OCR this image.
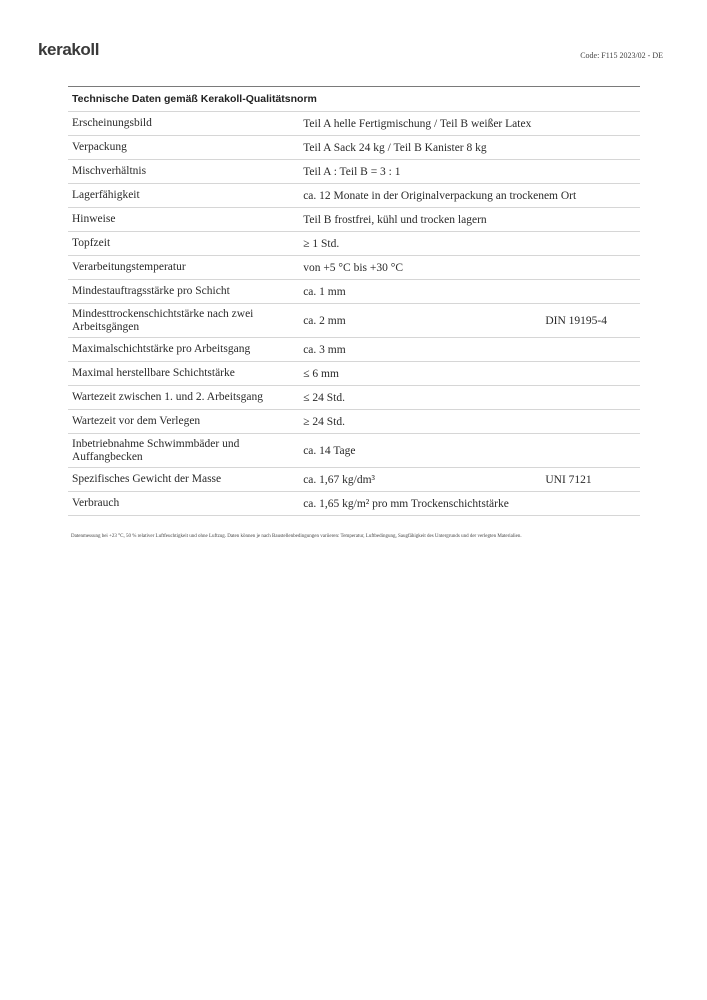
kerakoll	Code: F115 2023/02 - DE
Technische Daten gemäß Kerakoll-Qualitätsnorm
Erscheinungsbild	Teil A helle Fertigmischung / Teil B weißer Latex
Verpackung	Teil A Sack 24 kg / Teil B Kanister 8 kg
Mischverhältnis	Teil A : Teil B = 3 : 1
Lagerfähigkeit	ca. 12 Monate in der Originalverpackung an trockenem Ort
Hinweise	Teil B frostfrei, kühl und trocken lagern
Topfzeit	≥ 1 Std.
Verarbeitungstemperatur	von +5 °C bis +30 °C
Mindestauftragsstärke pro Schicht	ca. 1 mm
Mindesttrockenschichtstärke nach zwei Arbeitsgängen	ca. 2 mm	DIN 19195-4
Maximalschichtstärke pro Arbeitsgang	ca. 3 mm
Maximal herstellbare Schichtstärke	≤ 6 mm
Wartezeit zwischen 1. und 2. Arbeitsgang	≤ 24 Std.
Wartezeit vor dem Verlegen	≥ 24 Std.
Inbetriebnahme Schwimmbäder und Auffangbecken	ca. 14 Tage
Spezifisches Gewicht der Masse	ca. 1,67 kg/dm³	UNI 7121
Verbrauch	ca. 1,65 kg/m² pro mm Trockenschichtstärke
Datenmessung bei +23 °C, 50 % relativer Luftfeuchtigkeit und ohne Luftzug. Daten können je nach Baustellenbedingungen variieren: Temperatur, Luftbedingung, Saugfähigkeit des Untergrunds und der verlegten Materialien.
